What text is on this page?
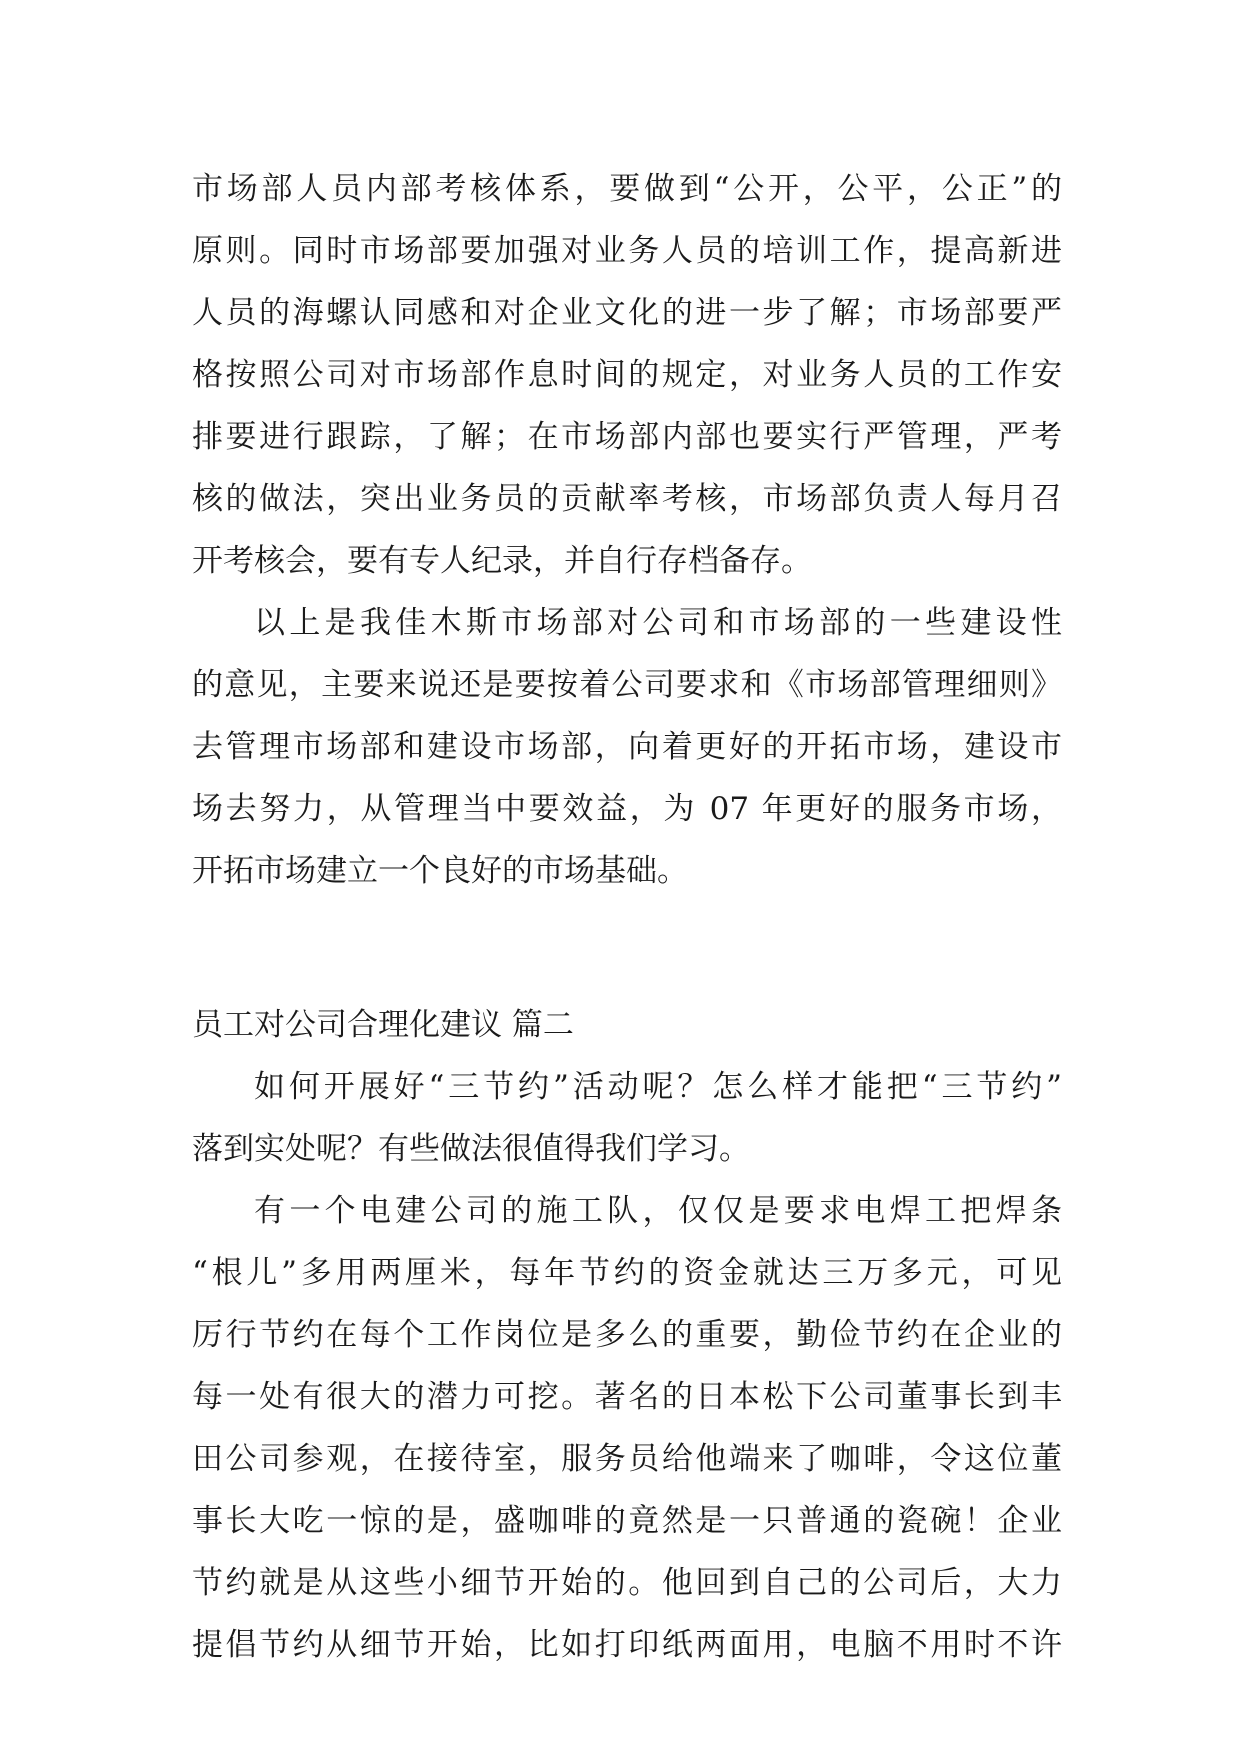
市场部人员内部考核体系，要做到“公开，公平，公正”的
原则。同时市场部要加强对业务人员的培训工作，提高新进
人员的海螺认同感和对企业文化的进一步了解；市场部要严
格按照公司对市场部作息时间的规定，对业务人员的工作安
排要进行跟踪，了解；在市场部内部也要实行严管理，严考
核的做法，突出业务员的贡献率考核，市场部负责人每月召
开考核会，要有专人纪录，并自行存档备存。
以上是我佳木斯市场部对公司和市场部的一些建设性
的意见，主要来说还是要按着公司要求和《市场部管理细则》
去管理市场部和建设市场部，向着更好的开拓市场，建设市
场去努力，从管理当中要效益，为 07 年更好的服务市场，
开拓市场建立一个良好的市场基础。
员工对公司合理化建议 篇二
如何开展好“三节约”活动呢？怎么样才能把“三节约”
落到实处呢？有些做法很值得我们学习。
有一个电建公司的施工队，仅仅是要求电焊工把焊条
“根儿”多用两厘米，每年节约的资金就达三万多元，可见
厉行节约在每个工作岗位是多么的重要，勤俭节约在企业的
每一处有很大的潜力可挖。著名的日本松下公司董事长到丰
田公司参观，在接待室，服务员给他端来了咖啡，令这位董
事长大吃一惊的是，盛咖啡的竟然是一只普通的瓷碗！企业
节约就是从这些小细节开始的。他回到自己的公司后，大力
提倡节约从细节开始，比如打印纸两面用，电脑不用时不许
